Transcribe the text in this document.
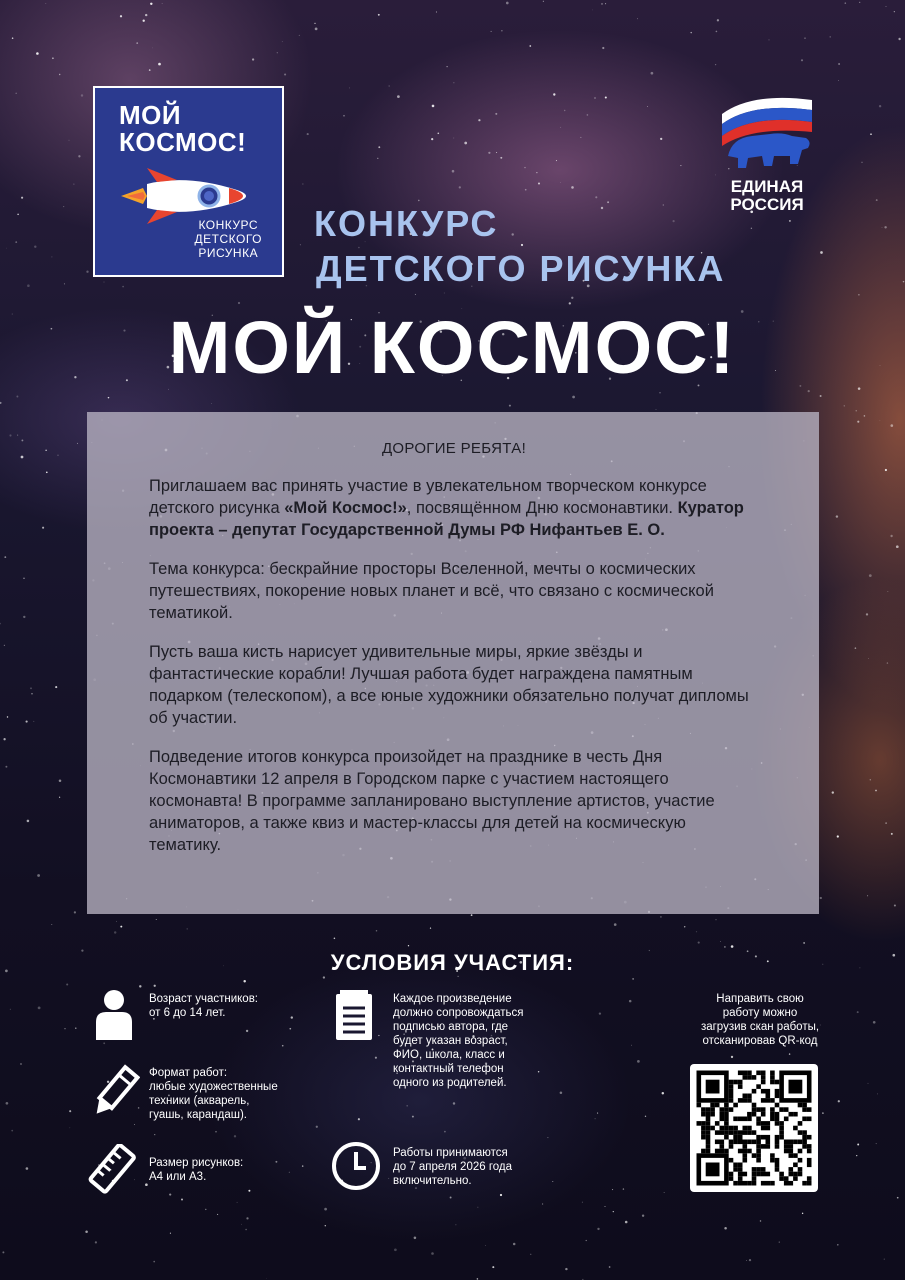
МОЙ
КОСМОС!
КОНКУРС
ДЕТСКОГО
РИСУНКА
ЕДИНАЯ
РОССИЯ
КОНКУРС
ДЕТСКОГО РИСУНКА
МОЙ КОСМОС!
ДОРОГИЕ РЕБЯТА!

Приглашаем вас принять участие в увлекательном творческом конкурсе детского рисунка «Мой Космос!», посвящённом Дню космонавтики. Куратор проекта – депутат Государственной Думы РФ Нифантьев Е. О.

Тема конкурса: бескрайние просторы Вселенной, мечты о космических путешествиях, покорение новых планет и всё, что связано с космической тематикой.

Пусть ваша кисть нарисует удивительные миры, яркие звёзды и фантастические корабли! Лучшая работа будет награждена памятным подарком (телескопом), а все юные художники обязательно получат дипломы об участии.

Подведение итогов конкурса произойдет на празднике в честь Дня Космонавтики 12 апреля в Городском парке с участием настоящего космонавта! В программе запланировано выступление артистов, участие аниматоров, а также квиз и мастер-классы для детей на космическую тематику.

УСЛОВИЯ УЧАСТИЯ:
Возраст участников:
от 6 до 14 лет.
Формат работ:
любые художественные
техники (акварель,
гуашь, карандаш).
Размер рисунков:
А4 или А3.
Каждое произведение
должно сопровождаться
подписью автора, где
будет указан возраст,
ФИО, школа, класс и
контактный телефон
одного из родителей.
Работы принимаются
до 7 апреля 2026 года
включительно.
Направить свою
работу можно
загрузив скан работы,
отсканировав QR-код
